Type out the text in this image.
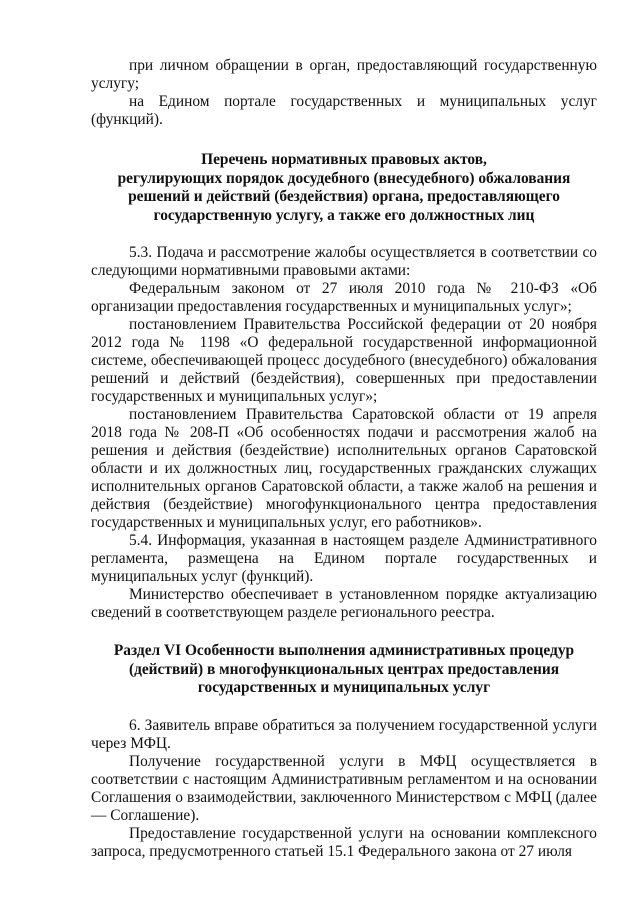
при личном обращении в орган, предоставляющий государственную услугу;

на Едином портале государственных и муниципальных услуг (функций).

Перечень нормативных правовых актов,
регулирующих порядок досудебного (внесудебного) обжалования
решений и действий (бездействия) органа, предоставляющего
государственную услугу, а также его должностных лиц

5.3. Подача и рассмотрение жалобы осуществляется в соответствии со следующими нормативными правовыми актами:

Федеральным законом от 27 июля 2010 года № 210-ФЗ «Об организации предоставления государственных и муниципальных услуг»;

постановлением Правительства Российской федерации от 20 ноября 2012 года № 1198 «О федеральной государственной информационной системе, обеспечивающей процесс досудебного (внесудебного) обжалования решений и действий (бездействия), совершенных при предоставлении государственных и муниципальных услуг»;

постановлением Правительства Саратовской области от 19 апреля 2018 года № 208-П «Об особенностях подачи и рассмотрения жалоб на решения и действия (бездействие) исполнительных органов Саратовской области и их должностных лиц, государственных гражданских служащих исполнительных органов Саратовской области, а также жалоб на решения и действия (бездействие) многофункционального центра предоставления государственных и муниципальных услуг, его работников».

5.4. Информация, указанная в настоящем разделе Административного регламента, размещена на Едином портале государственных и муниципальных услуг (функций).

Министерство обеспечивает в установленном порядке актуализацию сведений в соответствующем разделе регионального реестра.

Раздел VI Особенности выполнения административных процедур
(действий) в многофункциональных центрах предоставления
государственных и муниципальных услуг

6. Заявитель вправе обратиться за получением государственной услуги через МФЦ.

Получение государственной услуги в МФЦ осуществляется в соответствии с настоящим Административным регламентом и на основании Соглашения о взаимодействии, заключенного Министерством с МФЦ (далее — Соглашение).

Предоставление государственной услуги на основании комплексного запроса, предусмотренного статьей 15.1 Федерального закона от 27 июля
